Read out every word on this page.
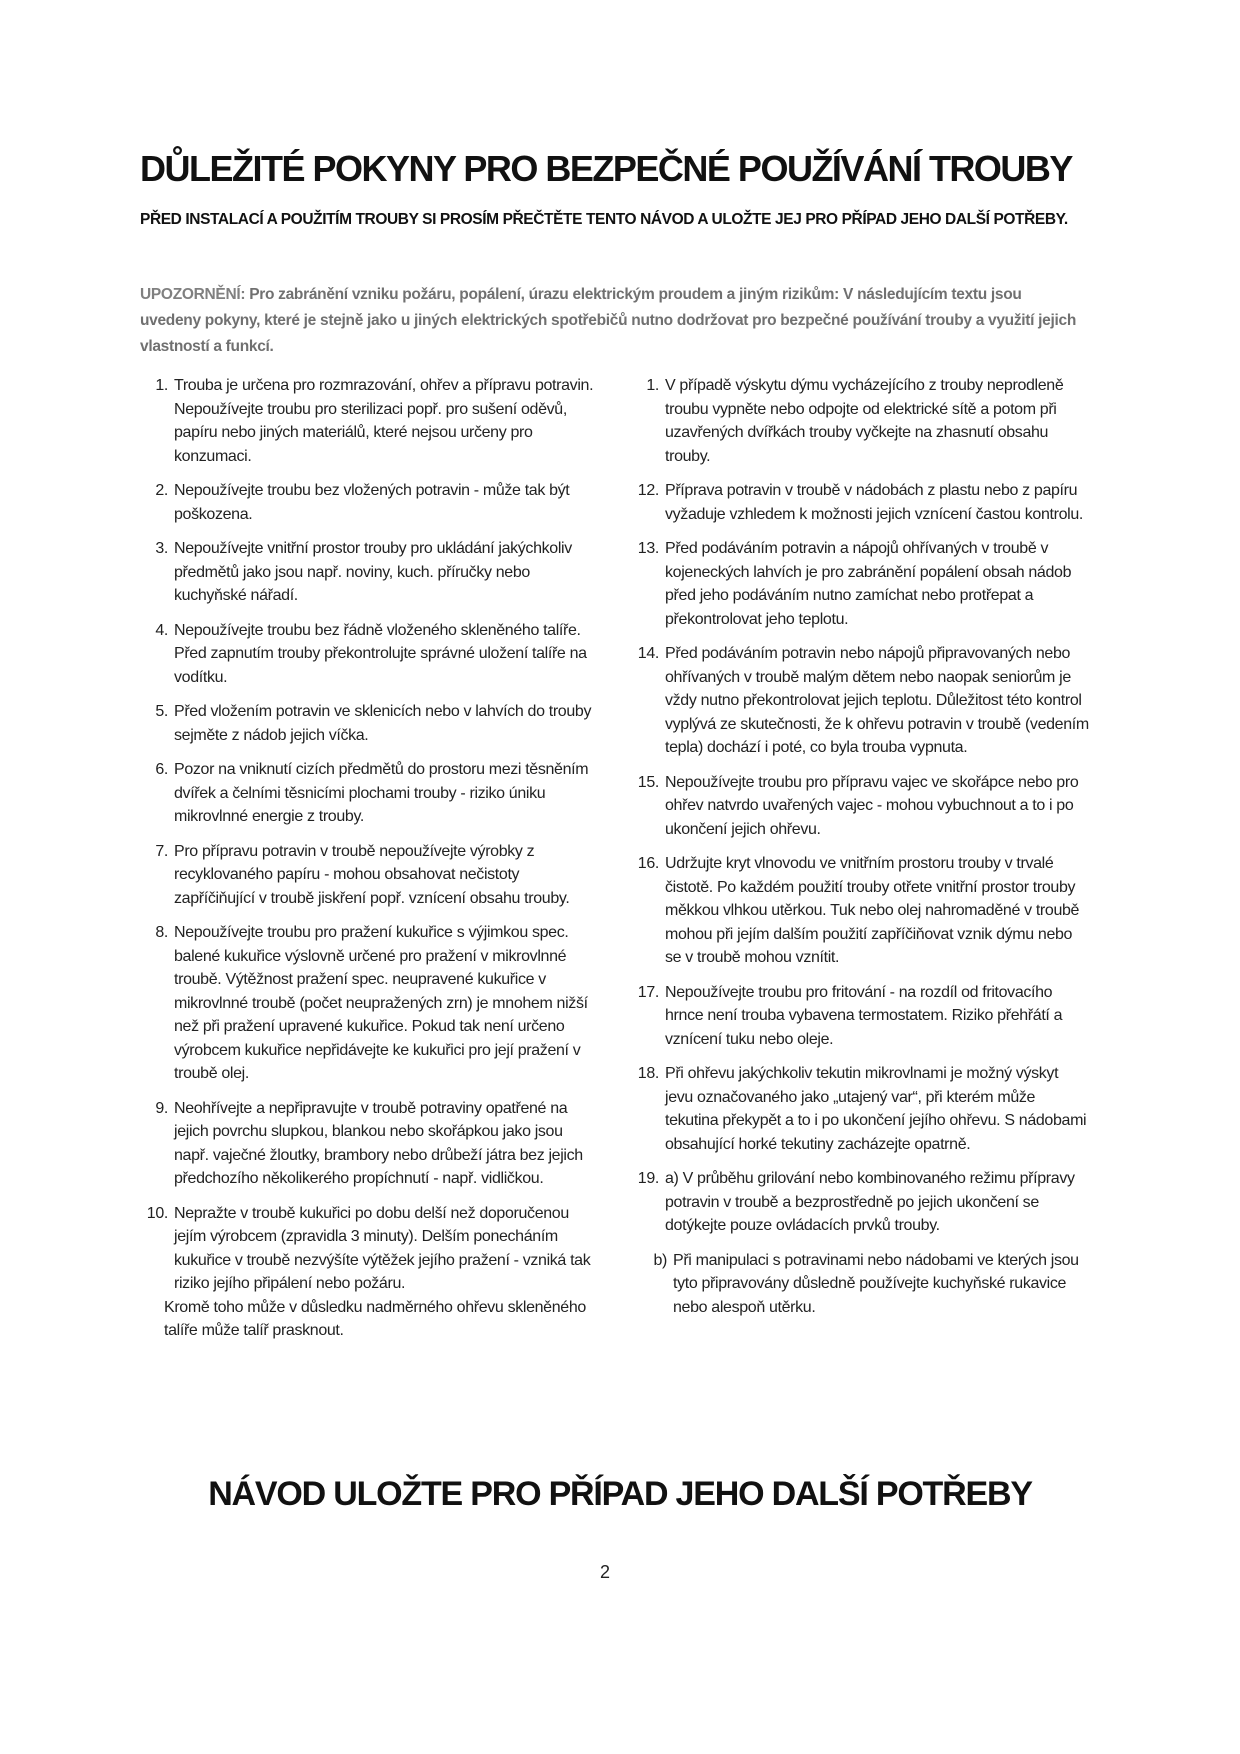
DŮLEŽITÉ POKYNY PRO BEZPEČNÉ POUŽÍVÁNÍ TROUBY

PŘED INSTALACÍ A POUŽITÍM TROUBY SI PROSÍM PŘEČTĚTE TENTO NÁVOD A ULOŽTE JEJ PRO PŘÍPAD JEHO DALŠÍ POTŘEBY.

UPOZORNĚNÍ: Pro zabránění vzniku požáru, popálení, úrazu elektrickým proudem a jiným rizikům: V následujícím textu jsou uvedeny pokyny, které je stejně jako u jiných elektrických spotřebičů nutno dodržovat pro bezpečné používání trouby a využití jejich vlastností a funkcí.

1. Trouba je určena pro rozmrazování, ohřev a přípravu potravin. Nepoužívejte troubu pro sterilizaci popř. pro sušení oděvů, papíru nebo jiných materiálů, které nejsou určeny pro konzumaci.
2. Nepoužívejte troubu bez vložených potravin - může tak být poškozena.
3. Nepoužívejte vnitřní prostor trouby pro ukládání jakýchkoliv předmětů jako jsou např. noviny, kuch. příručky nebo kuchyňské nářadí.
4. Nepoužívejte troubu bez řádně vloženého skleněného talíře. Před zapnutím trouby překontrolujte správné uložení talíře na vodítku.
5. Před vložením potravin ve sklenicích nebo v lahvích do trouby sejměte z nádob jejich víčka.
6. Pozor na vniknutí cizích předmětů do prostoru mezi těsněním dvířek a čelními těsnicími plochami trouby - riziko úniku mikrovlnné energie z trouby.
7. Pro přípravu potravin v troubě nepoužívejte výrobky z recyklovaného papíru - mohou obsahovat nečistoty zapříčiňující v troubě jiskření popř. vznícení obsahu trouby.
8. Nepoužívejte troubu pro pražení kukuřice s výjimkou spec. balené kukuřice výslovně určené pro pražení v mikrovlnné troubě. Výtěžnost pražení spec. neupravené kukuřice v mikrovlnné troubě (počet neupražených zrn) je mnohem nižší než při pražení upravené kukuřice. Pokud tak není určeno výrobcem kukuřice nepřidávejte ke kukuřici pro její pražení v troubě olej.
9. Neohřívejte a nepřipravujte v troubě potraviny opatřené na jejich povrchu slupkou, blankou nebo skořápkou jako jsou např. vaječné žloutky, brambory nebo drůbeží játra bez jejich předchozího několikerého propíchnutí - např. vidličkou.
10. Nepražte v troubě kukuřici po dobu delší než doporučenou jejím výrobcem (zpravidla 3 minuty). Delším ponecháním kukuřice v troubě nezvýšíte výtěžek jejího pražení - vzniká tak riziko jejího připálení nebo požáru.
Kromě toho může v důsledku nadměrného ohřevu skleněného talíře může talíř prasknout.
1. V případě výskytu dýmu vycházejícího z trouby neprodleně troubu vypněte nebo odpojte od elektrické sítě a potom při uzavřených dvířkách trouby vyčkejte na zhasnutí obsahu trouby.
12. Příprava potravin v troubě v nádobách z plastu nebo z papíru vyžaduje vzhledem k možnosti jejich vznícení častou kontrolu.
13. Před podáváním potravin a nápojů ohřívaných v troubě v kojeneckých lahvích je pro zabránění popálení obsah nádob před jeho podáváním nutno zamíchat nebo protřepat a překontrolovat jeho teplotu.
14. Před podáváním potravin nebo nápojů připravovaných nebo ohřívaných v troubě malým dětem nebo naopak seniorům je vždy nutno překontrolovat jejich teplotu. Důležitost této kontrol vyplývá ze skutečnosti, že k ohřevu potravin v troubě (vedením tepla) dochází i poté, co byla trouba vypnuta.
15. Nepoužívejte troubu pro přípravu vajec ve skořápce nebo pro ohřev natvrdo uvařených vajec - mohou vybuchnout a to i po ukončení jejich ohřevu.
16. Udržujte kryt vlnovodu ve vnitřním prostoru trouby v trvalé čistotě. Po každém použití trouby otřete vnitřní prostor trouby měkkou vlhkou utěrkou. Tuk nebo olej nahromaděné v troubě mohou při jejím dalším použití zapříčiňovat vznik dýmu nebo se v troubě mohou vznítit.
17. Nepoužívejte troubu pro fritování - na rozdíl od fritovacího hrnce není trouba vybavena termostatem. Riziko přehřátí a vznícení tuku nebo oleje.
18. Při ohřevu jakýchkoliv tekutin mikrovlnami je možný výskyt jevu označovaného jako „utajený var“, při kterém může tekutina překypět a to i po ukončení jejího ohřevu. S nádobami obsahující horké tekutiny zacházejte opatrně.
19. a) V průběhu grilování nebo kombinovaného režimu přípravy potravin v troubě a bezprostředně po jejich ukončení se dotýkejte pouze ovládacích prvků trouby.
b) Při manipulaci s potravinami nebo nádobami ve kterých jsou tyto připravovány důsledně používejte kuchyňské rukavice nebo alespoň utěrku.
NÁVOD ULOŽTE PRO PŘÍPAD JEHO DALŠÍ POTŘEBY
2
